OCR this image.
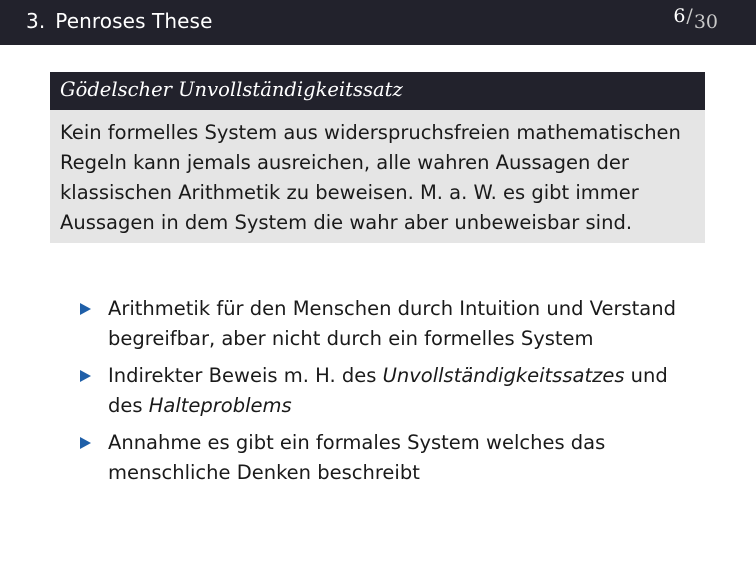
3. Penroses These	6/30
Gödelscher Unvollständigkeitssatz
Kein formelles System aus widerspruchsfreien mathematischen Regeln kann jemals ausreichen, alle wahren Aussagen der klassischen Arithmetik zu beweisen. M. a. W. es gibt immer Aussagen in dem System die wahr aber unbeweisbar sind.
Arithmetik für den Menschen durch Intuition und Verstand begreifbar, aber nicht durch ein formelles System
Indirekter Beweis m. H. des Unvollständigkeitssatzes und des Halteproblems
Annahme es gibt ein formales System welches das menschliche Denken beschreibt
